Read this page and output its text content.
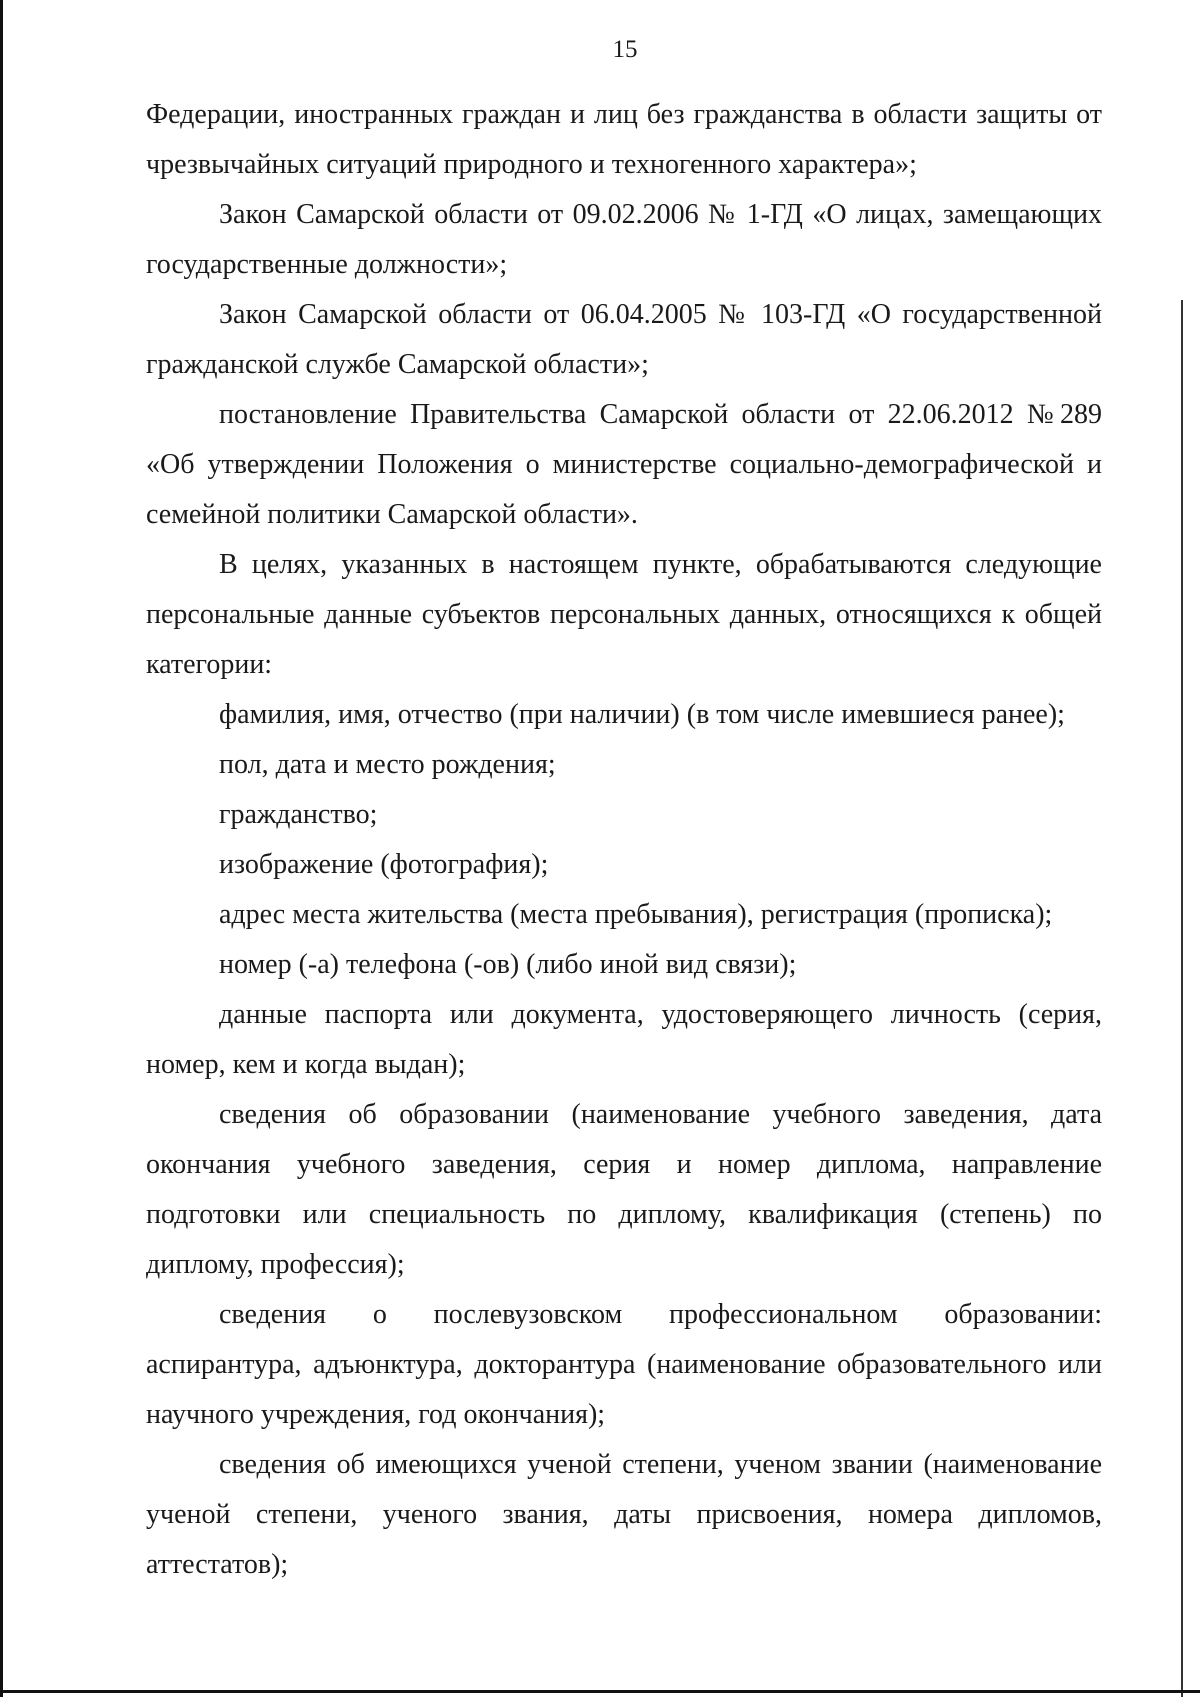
15

Федерации, иностранных граждан и лиц без гражданства в области защиты от чрезвычайных ситуаций природного и техногенного характера»;

Закон Самарской области от 09.02.2006 № 1-ГД «О лицах, замещающих государственные должности»;

Закон Самарской области от 06.04.2005 № 103-ГД «О государственной гражданской службе Самарской области»;

постановление Правительства Самарской области от 22.06.2012 №289 «Об утверждении Положения о министерстве социально-демографической и семейной политики Самарской области».

В целях, указанных в настоящем пункте, обрабатываются следующие персональные данные субъектов персональных данных, относящихся к общей категории:

фамилия, имя, отчество (при наличии) (в том числе имевшиеся ранее);

пол, дата и место рождения;

гражданство;

изображение (фотография);

адрес места жительства (места пребывания), регистрация (прописка);

номер (-а) телефона (-ов) (либо иной вид связи);

данные паспорта или документа, удостоверяющего личность (серия, номер, кем и когда выдан);

сведения об образовании (наименование учебного заведения, дата окончания учебного заведения, серия и номер диплома, направление подготовки или специальность по диплому, квалификация (степень) по диплому, профессия);

сведения о послевузовском профессиональном образовании: аспирантура, адъюнктура, докторантура (наименование образовательного или научного учреждения, год окончания);

сведения об имеющихся ученой степени, ученом звании (наименование ученой степени, ученого звания, даты присвоения, номера дипломов, аттестатов);
